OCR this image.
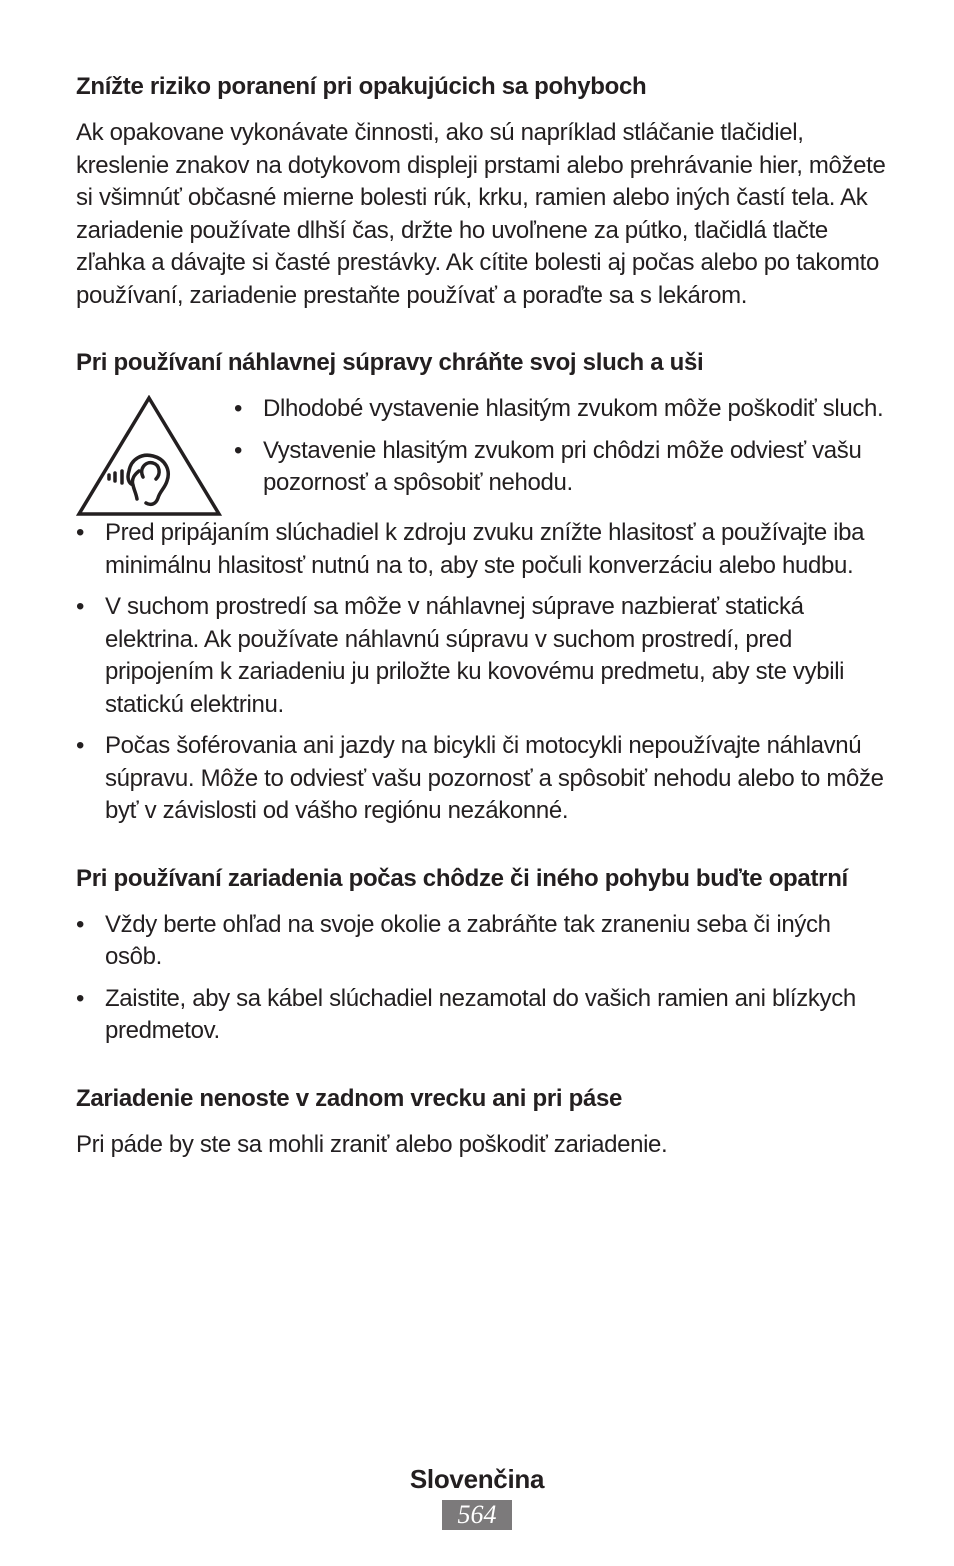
Znížte riziko poranení pri opakujúcich sa pohyboch

Ak opakovane vykonávate činnosti, ako sú napríklad stláčanie tlačidiel, kreslenie znakov na dotykovom displeji prstami alebo prehrávanie hier, môžete si všimnúť občasné mierne bolesti rúk, krku, ramien alebo iných častí tela. Ak zariadenie používate dlhší čas, držte ho uvoľnene za pútko, tlačidlá tlačte zľahka a dávajte si časté prestávky. Ak cítite bolesti aj počas alebo po takomto používaní, zariadenie prestaňte používať a poraďte sa s lekárom.

Pri používaní náhlavnej súpravy chráňte svoj sluch a uši
• Dlhodobé vystavenie hlasitým zvukom môže poškodiť sluch.
• Vystavenie hlasitým zvukom pri chôdzi môže odviesť vašu pozornosť a spôsobiť nehodu.
• Pred pripájaním slúchadiel k zdroju zvuku znížte hlasitosť a používajte iba minimálnu hlasitosť nutnú na to, aby ste počuli konverzáciu alebo hudbu.
• V suchom prostredí sa môže v náhlavnej súprave nazbierať statická elektrina. Ak používate náhlavnú súpravu v suchom prostredí, pred pripojením k zariadeniu ju priložte ku kovovému predmetu, aby ste vybili statickú elektrinu.
• Počas šoférovania ani jazdy na bicykli či motocykli nepoužívajte náhlavnú súpravu. Môže to odviesť vašu pozornosť a spôsobiť nehodu alebo to môže byť v závislosti od vášho regiónu nezákonné.
Pri používaní zariadenia počas chôdze či iného pohybu buďte opatrní
• Vždy berte ohľad na svoje okolie a zabráňte tak zraneniu seba či iných osôb.
• Zaistite, aby sa kábel slúchadiel nezamotal do vašich ramien ani blízkych predmetov.
Zariadenie nenoste v zadnom vrecku ani pri páse

Pri páde by ste sa mohli zraniť alebo poškodiť zariadenie.

Slovenčina
564
